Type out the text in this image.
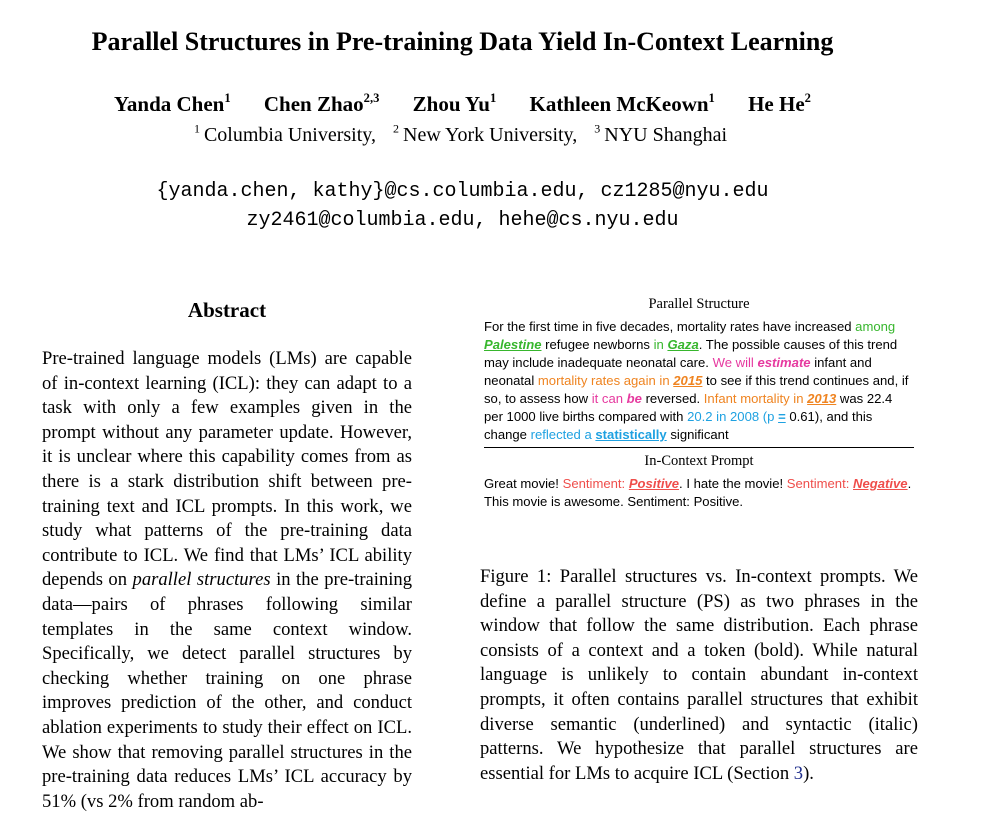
Parallel Structures in Pre-training Data Yield In-Context Learning
Yanda Chen$^1$ Chen Zhao$^{2,3}$ Zhou Yu$^1$ Kathleen McKeown$^1$ He He$^2$
$^1$ Columbia University, $^2$ New York University, $^3$ NYU Shanghai
{yanda.chen, kathy}@cs.columbia.edu, cz1285@nyu.edu
zy2461@columbia.edu, hehe@cs.nyu.edu
Abstract
Pre-trained language models (LMs) are capable of in-context learning (ICL): they can adapt to a task with only a few examples given in the prompt without any parameter update. However, it is unclear where this capability comes from as there is a stark distribution shift between pre-training text and ICL prompts. In this work, we study what patterns of the pre-training data contribute to ICL. We find that LMs’ ICL ability depends on parallel structures in the pre-training data—pairs of phrases following similar templates in the same context window. Specifically, we detect parallel structures by checking whether training on one phrase improves prediction of the other, and conduct ablation experiments to study their effect on ICL. We show that removing parallel structures in the pre-training data reduces LMs’ ICL accuracy by 51% (vs 2% from random ab-
Parallel Structure
For the first time in five decades, mortality rates have increased among Palestine refugee newborns in Gaza. The possible causes of this trend may include inadequate neonatal care. We will estimate infant and neonatal mortality rates again in 2015 to see if this trend continues and, if so, to assess how it can be reversed. Infant mortality in 2013 was 22.4 per 1000 live births compared with 20.2 in 2008 (p = 0.61), and this change reflected a statistically significant
In-Context Prompt
Great movie! Sentiment: Positive. I hate the movie! Sentiment: Negative. This movie is awesome. Sentiment: Positive.
Figure 1: Parallel structures vs. In-context prompts. We define a parallel structure (PS) as two phrases in the window that follow the same distribution. Each phrase consists of a context and a token (bold). While natural language is unlikely to contain abundant in-context prompts, it often contains parallel structures that exhibit diverse semantic (underlined) and syntactic (italic) patterns. We hypothesize that parallel structures are essential for LMs to acquire ICL (Section 3).
